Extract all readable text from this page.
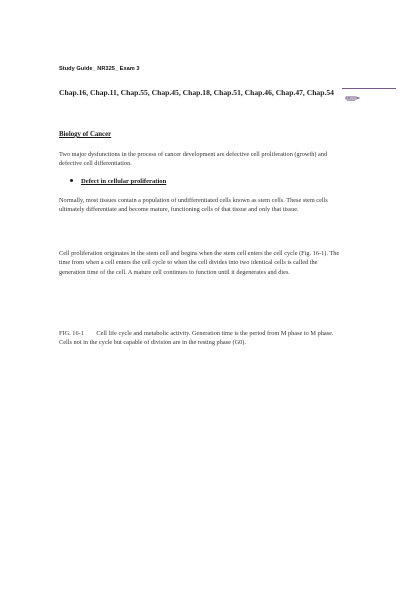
Study Guide_ NR325_ Exam 3
Chap.16, Chap.11, Chap.55, Chap.45, Chap.18, Chap.51, Chap.46, Chap.47, Chap.54
Biology of Cancer
Two major dysfunctions in the process of cancer development are defective cell proliferation (growth) and defective cell differentiation.
Defect in cellular proliferation
Normally, most tissues contain a population of undifferentiated cells known as stem cells. These stem cells ultimately differentiate and become mature, functioning cells of that tissue and only that tissue.
Cell proliferation originates in the stem cell and begins when the stem cell enters the cell cycle (Fig. 16-1). The time from when a cell enters the cell cycle to when the cell divides into two identical cells is called the generation time of the cell. A mature cell continues to function until it degenerates and dies.
FIG. 16-1        Cell life cycle and metabolic activity. Generation time is the period from M phase to M phase. Cells not in the cycle but capable of division are in the resting phase (G0).
